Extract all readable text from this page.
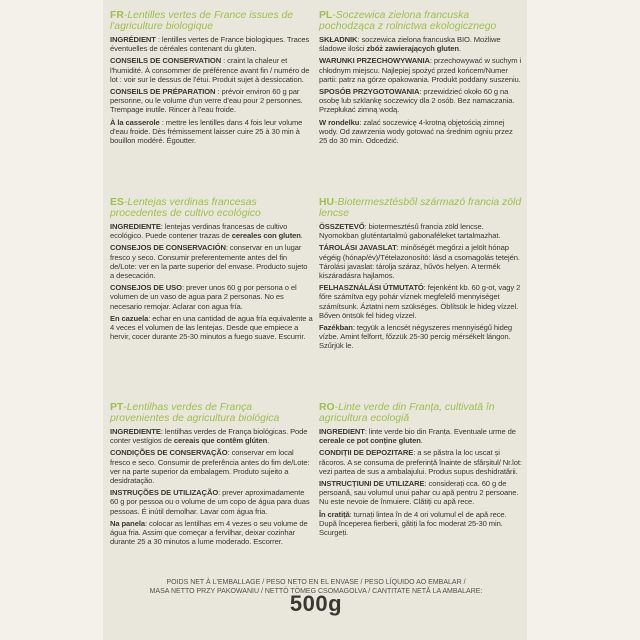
FR-Lentilles vertes de France issues de l'agriculture biologique

INGRÉDIENT : lentilles vertes de France biologiques. Traces éventuelles de céréales contenant du gluten.

CONSEILS DE CONSERVATION : craint la chaleur et l'humidité. À consommer de préférence avant fin / numéro de lot : voir sur le dessus de l'étui. Produit sujet à dessiccation.

CONSEILS DE PRÉPARATION : prévoir environ 60 g par personne, ou le volume d'un verre d'eau pour 2 personnes. Trempage inutile. Rincer à l'eau froide.

À la casserole : mettre les lentilles dans 4 fois leur volume d'eau froide. Dès frémissement laisser cuire 25 à 30 min à bouillon modéré. Égoutter.

PL-Soczewica zielona francuska pochodząca z rolnictwa ekologicznego

SKŁADNIK: soczewica zielona francuska BIO. Możliwe śladowe ilości zbóż zawierających gluten.

WARUNKI PRZECHOWYWANIA: przechowywać w suchym i chłodnym miejscu. Najlepiej spożyć przed końcem/Numer partii: patrz na górze opakowania. Produkt poddany suszeniu.

SPOSÓB PRZYGOTOWANIA: przewidzieć około 60 g na osobę lub szklankę soczewicy dla 2 osób. Bez namaczania. Przepłukać zimną wodą.

W rondelku: zalać soczewicę 4-krotną objętością zimnej wody. Od zawrzenia wody gotować na średnim ogniu przez 25 do 30 min. Odcedzić.

ES-Lentejas verdinas francesas procedentes de cultivo ecológico

INGREDIENTE: lentejas verdinas francesas de cultivo ecológico. Puede contener trazas de cereales con gluten.

CONSEJOS DE CONSERVACIÓN: conservar en un lugar fresco y seco. Consumir preferentemente antes del fin de/Lote: ver en la parte superior del envase. Producto sujeto a desecación.

CONSEJOS DE USO: prever unos 60 g por persona o el volumen de un vaso de agua para 2 personas. No es necesario remojar. Aclarar con agua fría.

En cazuela: echar en una cantidad de agua fría equivalente a 4 veces el volumen de las lentejas. Desde que empiece a hervir, cocer durante 25-30 minutos a fuego suave. Escurrir.

HU-Biotermesztésből származó francia zöld lencse

ÖSSZETEVŐ: biotermesztésű francia zöld lencse. Nyomokban gluténtartalmú gabonaféleket tartalmazhat.

TÁROLÁSI JAVASLAT: minőségét megőrzi a jelölt hónap végéig (hónap/év)/Tételazonosító: lásd a csomagolás tetején. Tárolási javaslat: tárolja száraz, hűvös helyen. A termék kiszáradásra hajlamos.

FELHASZNÁLÁSI ÚTMUTATÓ: fejenként kb. 60 g-ot, vagy 2 főre számítva egy pohár víznek megfelelő mennyiséget számítsunk. Áztatni nem szükséges. Öblítsük le hideg vízzel. Bőven öntsük fel hideg vízzel.

Fazékban: tegyük a lencsét négyszeres mennyiségű hideg vízbe. Amint felforrt, főzzük 25-30 percig mérsékelt lángon. Szűrjük le.

PT-Lentilhas verdes de França provenientes de agricultura biológica

INGREDIENTE: lentilhas verdes de França biológicas. Pode conter vestígios de cereais que contêm glúten.

CONDIÇÕES DE CONSERVAÇÃO: conservar em local fresco e seco. Consumir de preferência antes do fim de/Lote: ver na parte superior da embalagem. Produto sujeito a desidratação.

INSTRUÇÕES DE UTILIZAÇÃO: prever aproximadamente 60 g por pessoa ou o volume de um copo de água para duas pessoas. É inútil demolhar. Lavar com água fria.

Na panela: colocar as lentilhas em 4 vezes o seu volume de água fria. Assim que começar a fervilhar, deixar cozinhar durante 25 a 30 minutos a lume moderado. Escorrer.

RO-Linte verde din Franța, cultivată în agricultura ecologiă

INGREDIENT: linte verde bio din Franța. Eventuale urme de cereale ce pot conține gluten.

CONDIȚII DE DEPOZITARE: a se păstra la loc uscat și răcoros. A se consuma de preferință înainte de sfârșitul/ Nr.lot: vezi partea de sus a ambalajului. Produs supus deshidratării.

INSTRUCȚIUNI DE UTILIZARE: considerați cca. 60 g de persoană, sau volumul unui pahar cu apă pentru 2 persoane. Nu este nevoie de înmuiere. Clătiți cu apă rece.

În cratiță: turnați lintea în de 4 ori volumul el de apă rece. După începerea fierberii, gătiți la foc moderat 25-30 min. Scurgeți.

POIDS NET À L'EMBALLAGE / PESO NETO EN EL ENVASE / PESO LÍQUIDO AO EMBALAR /
MASA NETTO PRZY PAKOWANIU / NETTÓ TÖMEG CSOMAGOLVA / CANTITATE NETĂ LA AMBALARE:
500g
